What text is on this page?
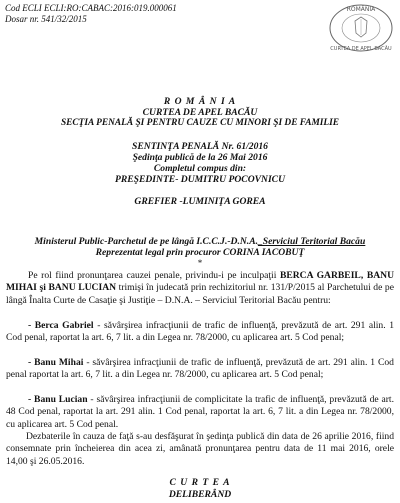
Cod ECLI ECLI:RO:CABAC:2016:019.000061
Dosar nr. 541/32/2015
ROMÂNIA
CURTEA DE APEL BACĂU
R O M Â N I A
CURTEA DE APEL BACĂU
SECŢIA PENALĂ ŞI PENTRU CAUZE CU MINORI ŞI DE FAMILIE
SENTINŢA PENALĂ Nr. 61/2016
Şedinţa publică de la 26 Mai 2016
Completul compus din:
PREŞEDINTE- DUMITRU POCOVNICU
GREFIER -LUMINIŢA GOREA
Ministerul Public-Parchetul de pe lângă I.C.C.J.-D.N.A._Serviciul Teritorial Bacău
Reprezentat legal prin procuror CORINA IACOBUŢ
*

Pe rol fiind pronunţarea cauzei penale, privindu-i pe inculpaţii BERCA GARBEIL, BANU MIHAI şi BANU LUCIAN trimişi în judecată prin rechizitoriul nr. 131/P/2015 al Parchetului de pe lângă Înalta Curte de Casaţie şi Justiţie – D.N.A. – Serviciul Teritorial Bacău pentru:

- Berca Gabriel - săvârşirea infracţiunii de trafic de influenţă, prevăzută de art. 291 alin. 1 Cod penal, raportat la art. 6, 7 lit. a din Legea nr. 78/2000, cu aplicarea art. 5 Cod penal;

- Banu Mihai - săvârşirea infracţiunii de trafic de influenţă, prevăzută de art. 291 alin. 1 Cod penal raportat la art. 6, 7 lit. a din Legea nr. 78/2000, cu aplicarea art. 5 Cod penal;

- Banu Lucian - săvârşirea infracţiunii de complicitate la trafic de influenţă, prevăzută de art. 48 Cod penal, raportat la art. 291 alin. 1 Cod penal, raportat la art. 6, 7 lit. a din Legea nr. 78/2000, cu aplicarea art. 5 Cod penal.

Dezbaterile în cauza de faţă s-au desfăşurat în şedinţa publică din data de 26 aprilie 2016, fiind consemnate prin încheierea din acea zi, amânată pronunţarea pentru data de 11 mai 2016, orele 14,00 şi 26.05.2016.

C U R T E A
DELIBERÂND
